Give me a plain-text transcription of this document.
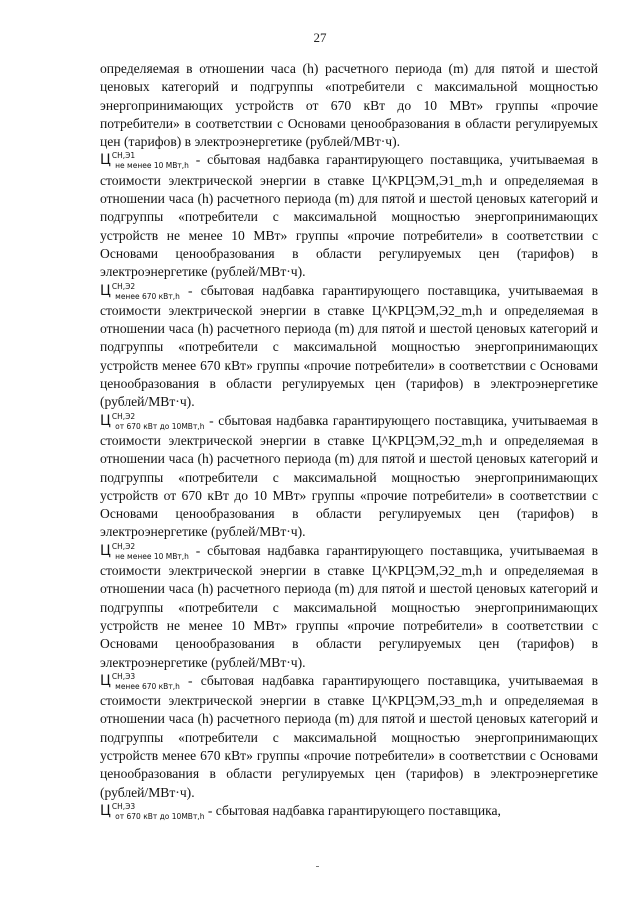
27

определяемая в отношении часа (h) расчетного периода (m) для пятой и шестой ценовых категорий и подгруппы «потребители с максимальной мощностью энергопринимающих устройств от 670 кВт до 10 МВт» группы «прочие потребители» в соответствии с Основами ценообразования в области регулируемых цен (тарифов) в электроэнергетике (рублей/МВт·ч).

$Ц^{СН,Э1}_{не менее 10 МВт,h}$ - сбытовая надбавка гарантирующего поставщика, учитываемая в стоимости электрической энергии в ставке Ц^КРЦЭМ,Э1_m,h и определяемая в отношении часа (h) расчетного периода (m) для пятой и шестой ценовых категорий и подгруппы «потребители с максимальной мощностью энергопринимающих устройств не менее 10 МВт» группы «прочие потребители» в соответствии с Основами ценообразования в области регулируемых цен (тарифов) в электроэнергетике (рублей/МВт·ч).

$Ц^{СН,Э2}_{менее 670 кВт,h}$ - сбытовая надбавка гарантирующего поставщика, учитываемая в стоимости электрической энергии в ставке Ц^КРЦЭМ,Э2_m,h и определяемая в отношении часа (h) расчетного периода (m) для пятой и шестой ценовых категорий и подгруппы «потребители с максимальной мощностью энергопринимающих устройств менее 670 кВт» группы «прочие потребители» в соответствии с Основами ценообразования в области регулируемых цен (тарифов) в электроэнергетике (рублей/МВт·ч).

$Ц^{СН,Э2}_{от 670 кВт до 10МВт,h}$ - сбытовая надбавка гарантирующего поставщика, учитываемая в стоимости электрической энергии в ставке Ц^КРЦЭМ,Э2_m,h и определяемая в отношении часа (h) расчетного периода (m) для пятой и шестой ценовых категорий и подгруппы «потребители с максимальной мощностью энергопринимающих устройств от 670 кВт до 10 МВт» группы «прочие потребители» в соответствии с Основами ценообразования в области регулируемых цен (тарифов) в электроэнергетике (рублей/МВт·ч).

$Ц^{СН,Э2}_{не менее 10 МВт,h}$ - сбытовая надбавка гарантирующего поставщика, учитываемая в стоимости электрической энергии в ставке Ц^КРЦЭМ,Э2_m,h и определяемая в отношении часа (h) расчетного периода (m) для пятой и шестой ценовых категорий и подгруппы «потребители с максимальной мощностью энергопринимающих устройств не менее 10 МВт» группы «прочие потребители» в соответствии с Основами ценообразования в области регулируемых цен (тарифов) в электроэнергетике (рублей/МВт·ч).

$Ц^{СН,Э3}_{менее 670 кВт,h}$ - сбытовая надбавка гарантирующего поставщика, учитываемая в стоимости электрической энергии в ставке Ц^КРЦЭМ,Э3_m,h и определяемая в отношении часа (h) расчетного периода (m) для пятой и шестой ценовых категорий и подгруппы «потребители с максимальной мощностью энергопринимающих устройств менее 670 кВт» группы «прочие потребители» в соответствии с Основами ценообразования в области регулируемых цен (тарифов) в электроэнергетике (рублей/МВт·ч).

$Ц^{СН,Э3}_{от 670 кВт до 10МВт,h}$ - сбытовая надбавка гарантирующего поставщика,
